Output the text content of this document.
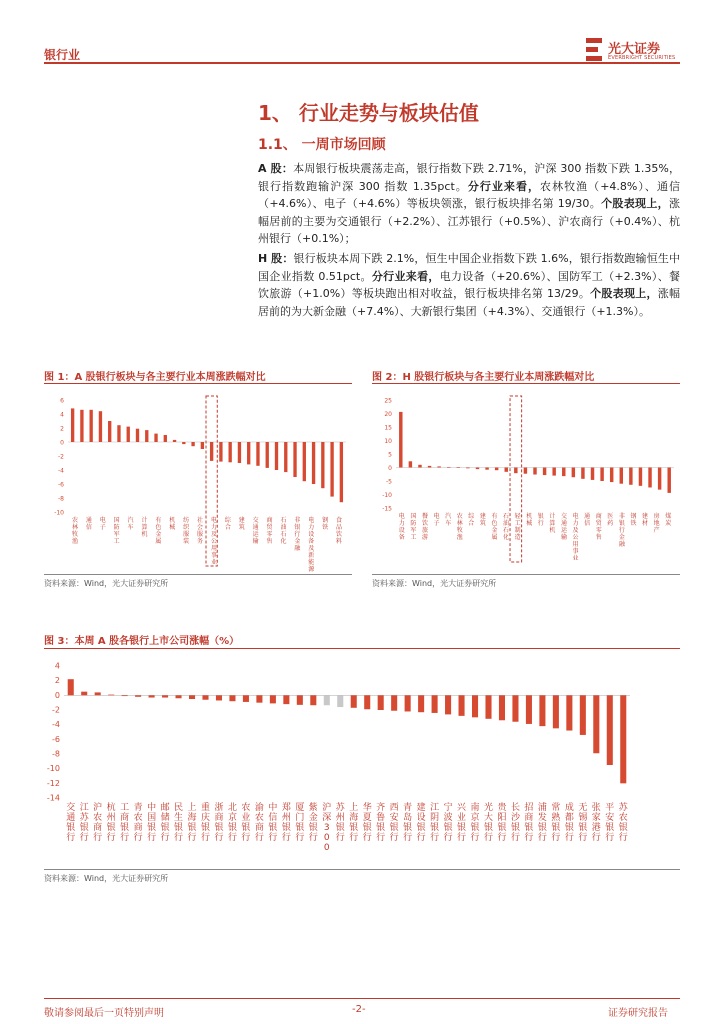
银行业	光大证券
EVERBRIGHT SECURITIES
1、 行业走势与板块估值
1.1、 一周市场回顾
A 股：本周银行板块震荡走高，银行指数下跌 2.71%，沪深 300 指数下跌 1.35%，银行指数跑输沪深 300 指数 1.35pct。分行业来看，农林牧渔（+4.8%）、通信（+4.6%）、电子（+4.6%）等板块领涨，银行板块排名第 19/30。个股表现上，涨幅居前的主要为交通银行（+2.2%）、江苏银行（+0.5%）、沪农商行（+0.4%）、杭州银行（+0.1%）；
H 股：银行板块本周下跌 2.1%，恒生中国企业指数下跌 1.6%，银行指数跑输恒生中国企业指数 0.51pct。分行业来看，电力设备（+20.6%）、国防军工（+2.3%）、餐饮旅游（+1.0%）等板块跑出相对收益，银行板块排名第 13/29。个股表现上，涨幅居前的为大新金融（+7.4%）、大新银行集团（+4.3%）、交通银行（+1.3%）。
图 1：A 股银行板块与各主要行业本周涨跌幅对比
6
4
2
0
-2
-4
-6
-8
-10
农林牧渔
通信
电子
国防军工
汽车
计算机
有色金属
机械
纺织服装
社会服务
电力及公用事业
综合
建筑
交通运输
商贸零售
石油石化
非银行金融
电力设备及新能源
钢铁
食品饮料
资料来源：Wind，光大证券研究所
图 2：H 股银行板块与各主要行业本周涨跌幅对比
25
20
15
10
5
0
-5
-10
-15
电力设备
国防军工
餐饮旅游
电子
汽车
农林牧渔
综合
建筑
有色金属
石油石化
轻工制造
机械
银行
计算机
交通运输
电力及公用事业
通信
商贸零售
医药
非银行金融
钢铁
建材
房地产
煤炭
资料来源：Wind，光大证券研究所
图 3：本周 A 股各银行上市公司涨幅（%）
4
2
0
-2
-4
-6
-8
-10
-12
-14
交通银行
江苏银行
沪农商行
杭州银行
工商银行
青农商行
中国银行
邮储银行
民生银行
上海银行
重庆银行
浙商银行
北京银行
农业银行
渝农商行
中信银行
郑州银行
厦门银行
紫金银行
沪深 3 0 0
苏州银行
上海银行
华夏银行
齐鲁银行
西安银行
青岛银行
建设银行
江阴银行
宁波银行
兴业银行
南京银行
光大银行
贵阳银行
长沙银行
招商银行
浦发银行
常熟银行
成都银行
无锡银行
张家港行
平安银行
苏农银行
资料来源：Wind，光大证券研究所
敬请参阅最后一页特别声明	-2-	证券研究报告
